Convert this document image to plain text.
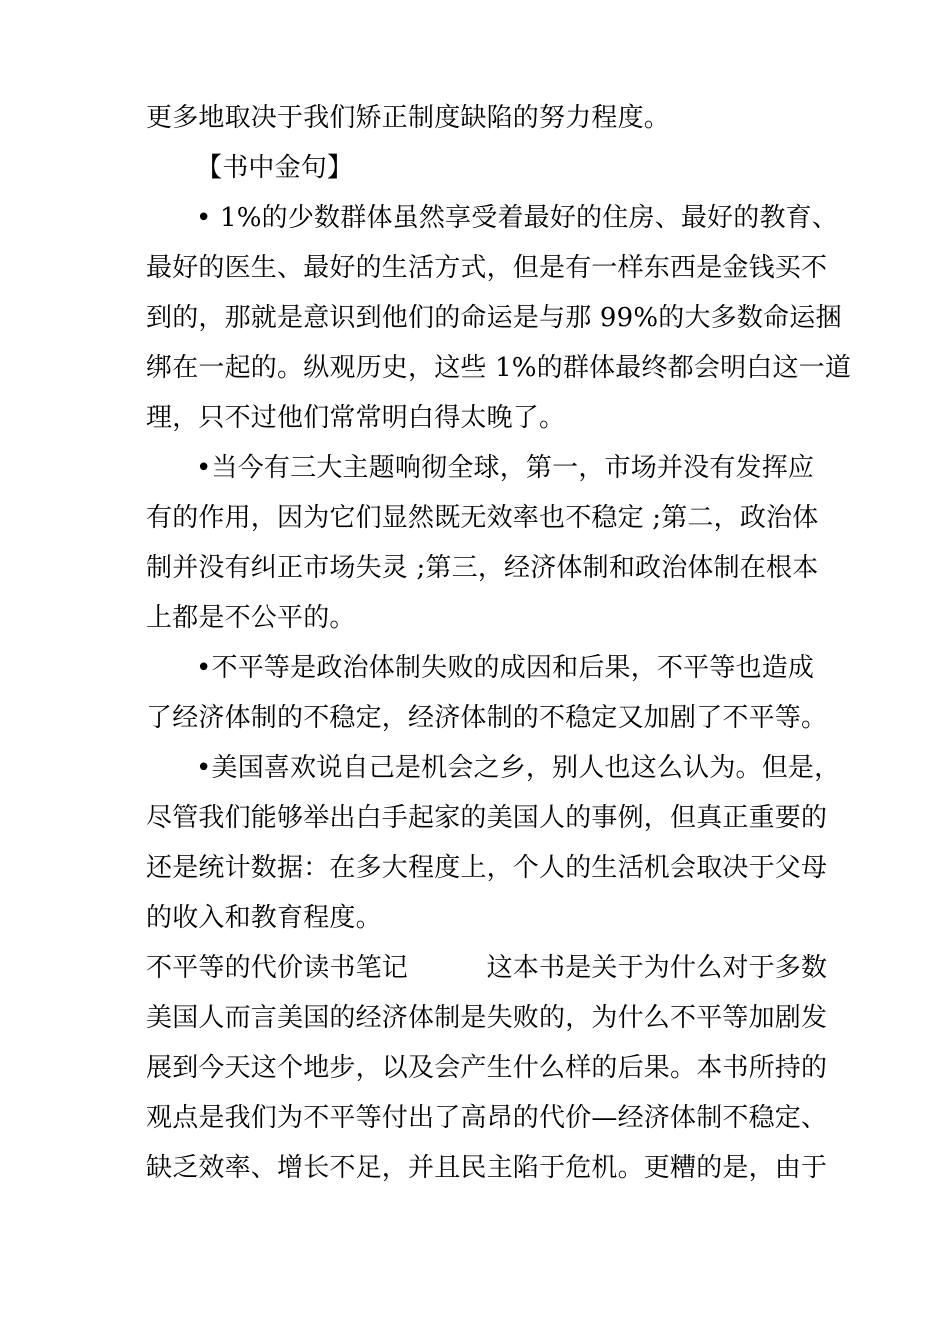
更多地取决于我们矫正制度缺陷的努力程度。
【书中金句】
• 1%的少数群体虽然享受着最好的住房、最好的教育、
最好的医生、最好的生活方式，但是有一样东西是金钱买不
到的，那就是意识到他们的命运是与那 99%的大多数命运捆
绑在一起的。纵观历史，这些 1%的群体最终都会明白这一道
理，只不过他们常常明白得太晚了。
•当今有三大主题响彻全球，第一，市场并没有发挥应
有的作用，因为它们显然既无效率也不稳定 ;第二，政治体
制并没有纠正市场失灵 ;第三，经济体制和政治体制在根本
上都是不公平的。
•不平等是政治体制失败的成因和后果，不平等也造成
了经济体制的不稳定，经济体制的不稳定又加剧了不平等。
•美国喜欢说自己是机会之乡，别人也这么认为。但是，
尽管我们能够举出白手起家的美国人的事例，但真正重要的
还是统计数据：在多大程度上，个人的生活机会取决于父母
的收入和教育程度。
不平等的代价读书笔记　　　这本书是关于为什么对于多数
美国人而言美国的经济体制是失败的，为什么不平等加剧发
展到今天这个地步，以及会产生什么样的后果。本书所持的
观点是我们为不平等付出了高昂的代价—经济体制不稳定、
缺乏效率、增长不足，并且民主陷于危机。更糟的是，由于
